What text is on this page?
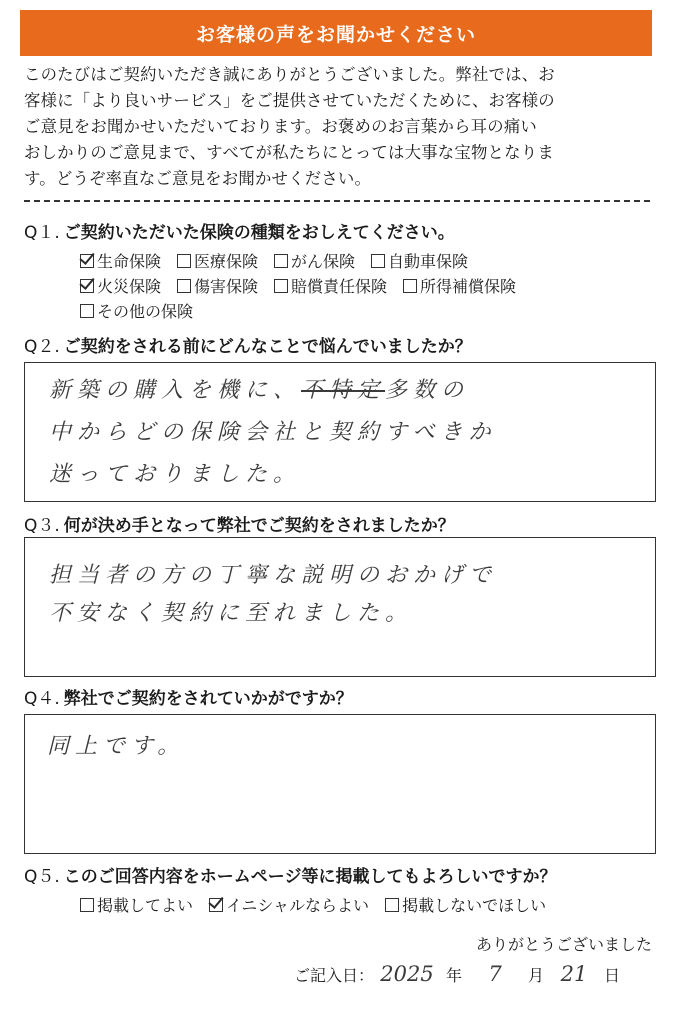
お客様の声をお聞かせください
このたびはご契約いただき誠にありがとうございました。弊社では、お
客様に「より良いサービス」をご提供させていただくために、お客様の
ご意見をお聞かせいただいております。お褒めのお言葉から耳の痛い
おしかりのご意見まで、すべてが私たちにとっては大事な宝物となりま
す。どうぞ率直なご意見をお聞かせください。
Q１. ご契約いただいた保険の種類をおしえてください。
生命保険 医療保険 がん保険 自動車保険
火災保険 傷害保険 賠償責任保険 所得補償保険
その他の保険
Q２. ご契約をされる前にどんなことで悩んでいましたか？
新築の購入を機に、不特定多数の
中からどの保険会社と契約すべきか
迷っておりました。
Q３. 何が決め手となって弊社でご契約をされましたか？
担当者の方の丁寧な説明のおかげで
不安なく契約に至れました。
Q４. 弊社でご契約をされていかがですか？
同上です。
Q５. このご回答内容をホームページ等に掲載してもよろしいですか？
掲載してよい イニシャルならよい 掲載しないでほしい
ありがとうございました
ご記入日： 2025 年	7	月 21	日
